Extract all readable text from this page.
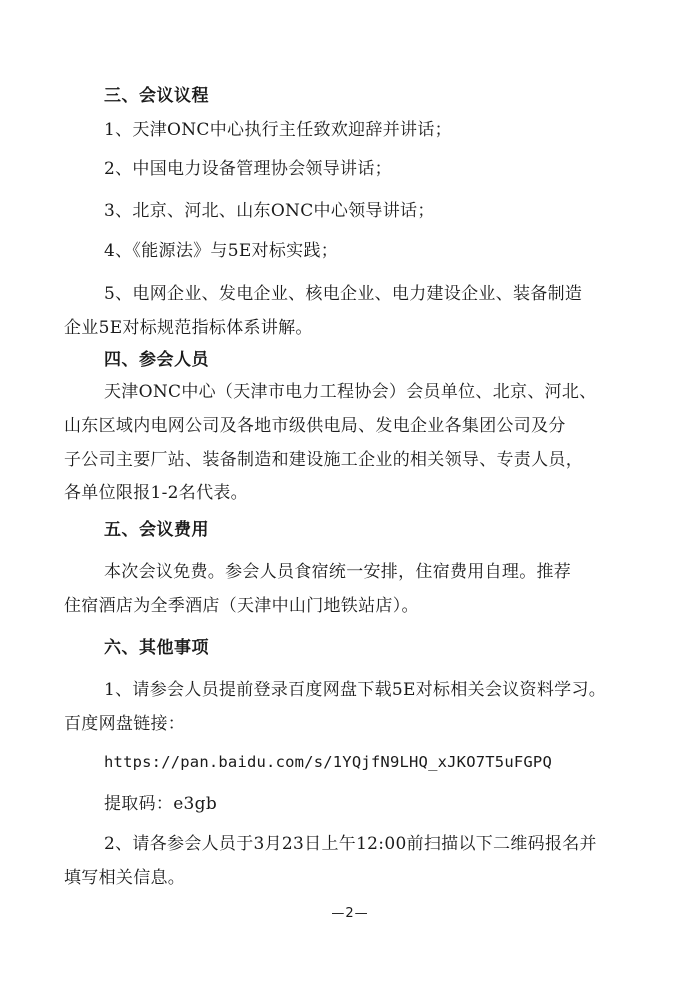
三、会议议程
1、天津ONC中心执行主任致欢迎辞并讲话；
2、中国电力设备管理协会领导讲话；
3、北京、河北、山东ONC中心领导讲话；
4、《能源法》与5E对标实践；
5、电网企业、发电企业、核电企业、电力建设企业、装备制造
企业5E对标规范指标体系讲解。
四、参会人员
天津ONC中心（天津市电力工程协会）会员单位、北京、河北、
山东区域内电网公司及各地市级供电局、发电企业各集团公司及分
子公司主要厂站、装备制造和建设施工企业的相关领导、专责人员，
各单位限报1-2名代表。
五、会议费用
本次会议免费。参会人员食宿统一安排，住宿费用自理。推荐
住宿酒店为全季酒店（天津中山门地铁站店）。
六、其他事项
1、请参会人员提前登录百度网盘下载5E对标相关会议资料学习。
百度网盘链接：
https://pan.baidu.com/s/1YQjfN9LHQ_xJKO7T5uFGPQ
提取码：e3gb
2、请各参会人员于3月23日上午12:00前扫描以下二维码报名并
填写相关信息。
—2—
